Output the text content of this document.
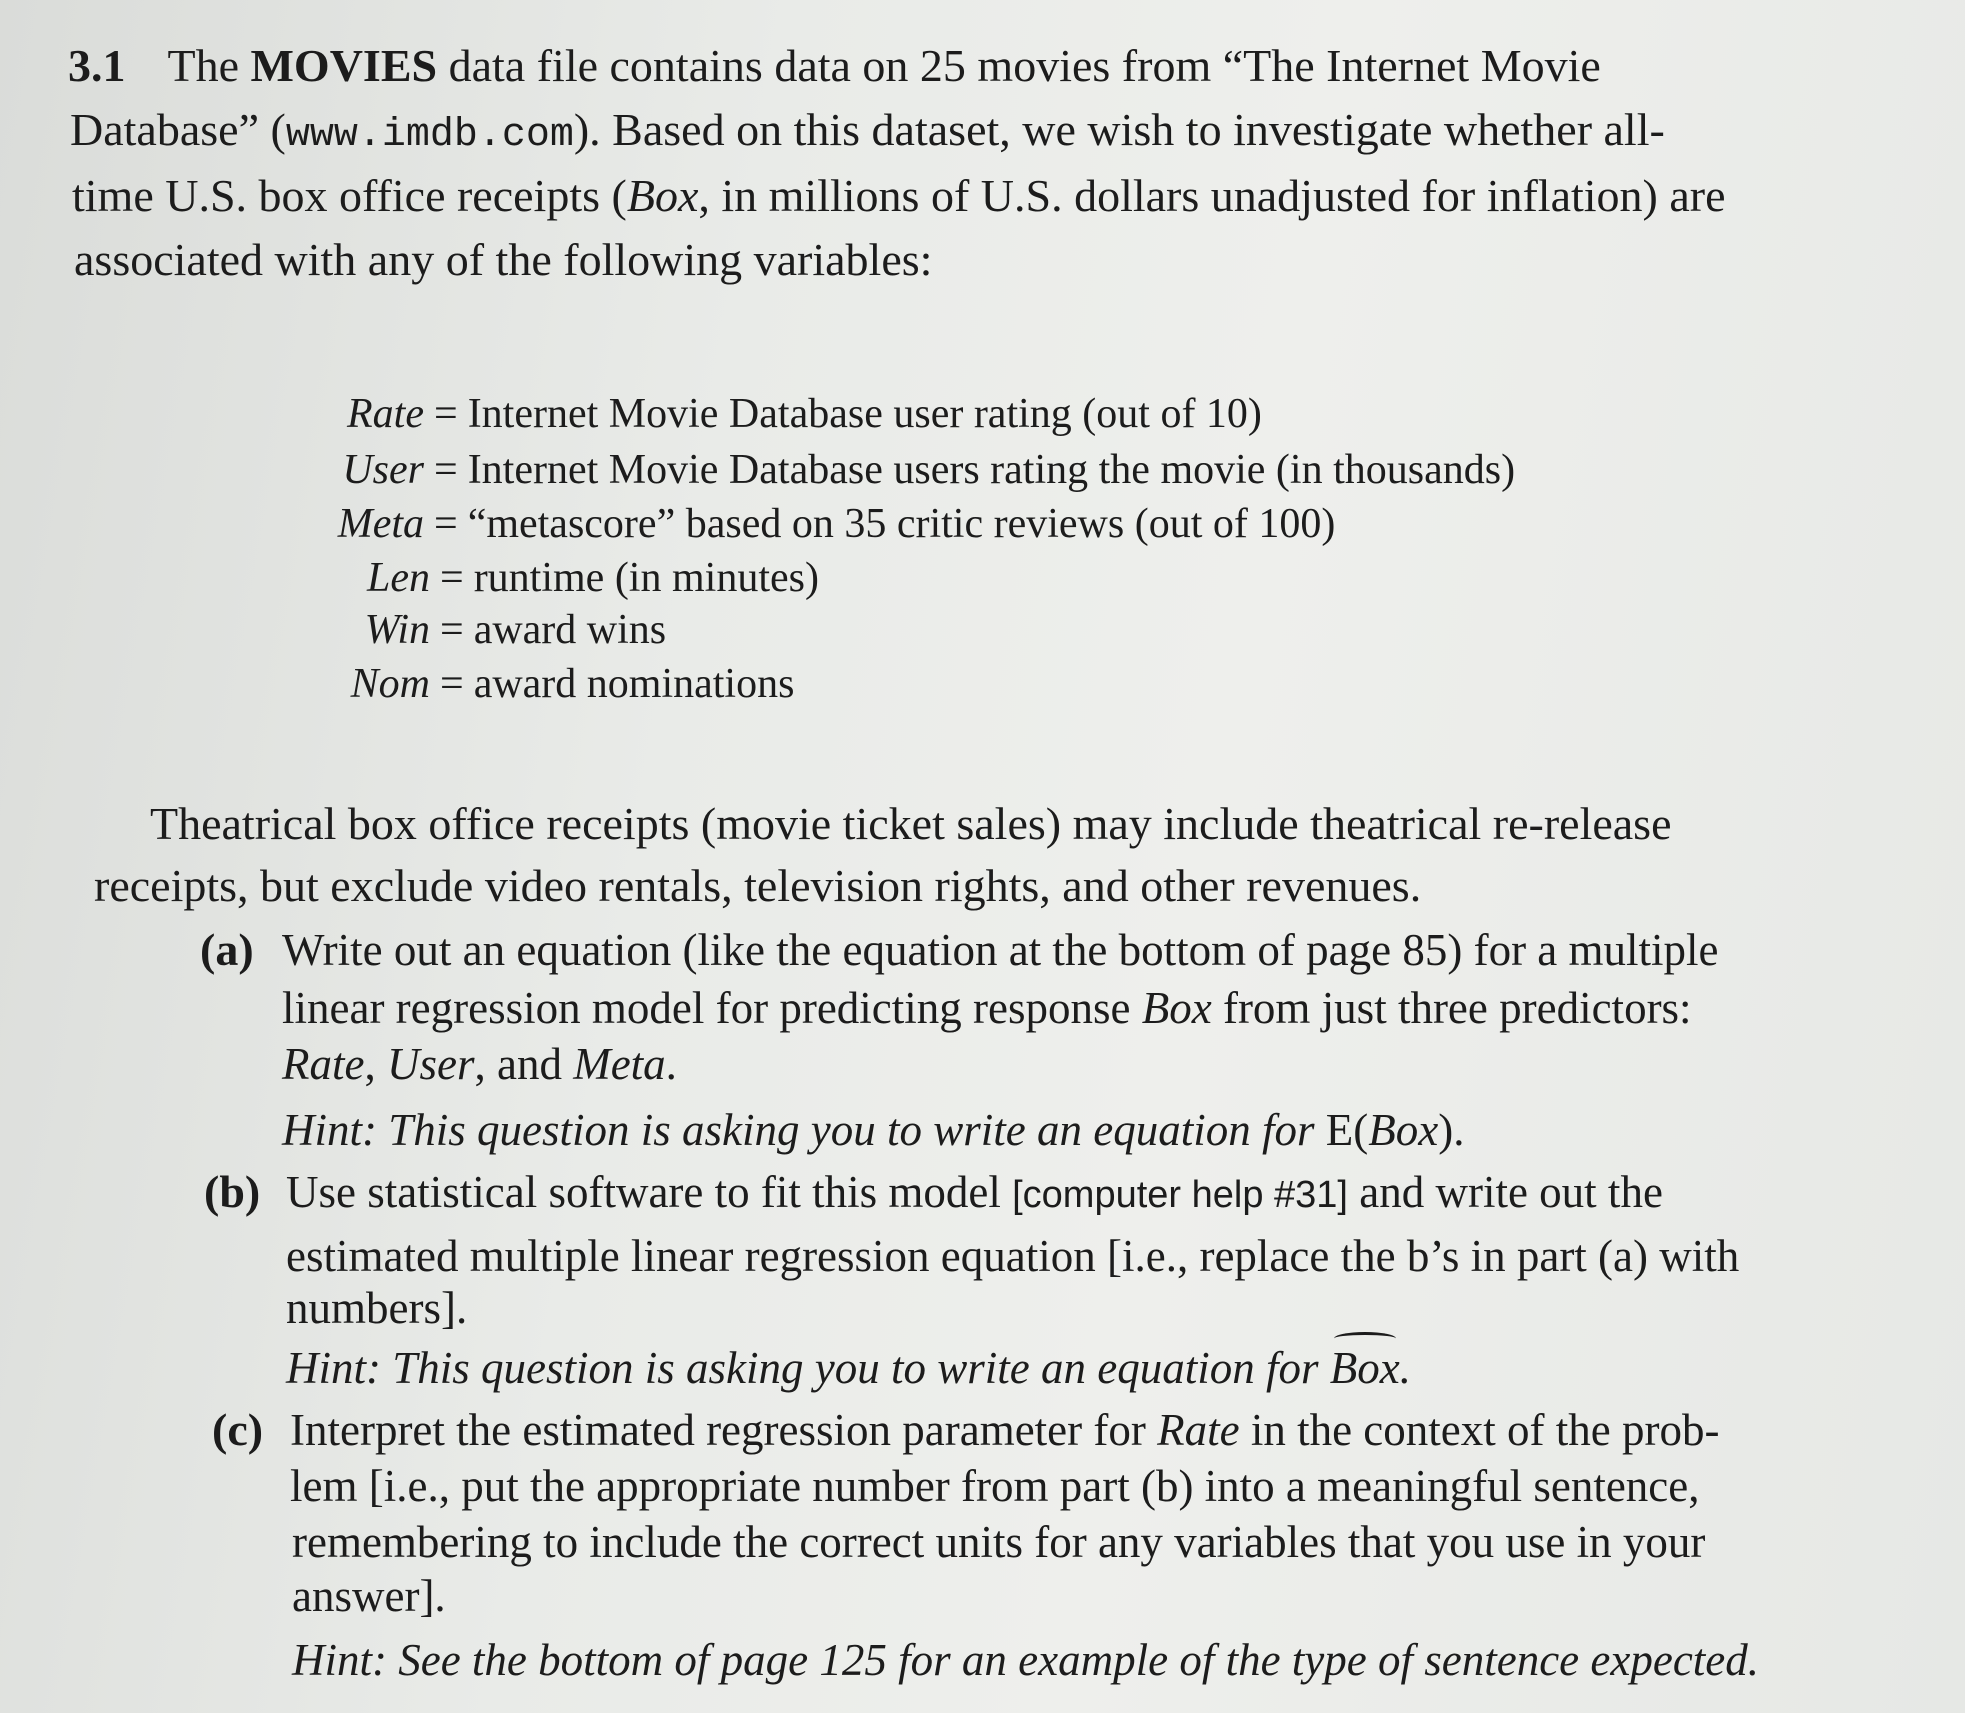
3.1 The MOVIES data file contains data on 25 movies from “The Internet Movie
Database” (www.imdb.com). Based on this dataset, we wish to investigate whether all-
time U.S. box office receipts (Box, in millions of U.S. dollars unadjusted for inflation) are
associated with any of the following variables:
Rate = Internet Movie Database user rating (out of 10)
User = Internet Movie Database users rating the movie (in thousands)
Meta = “metascore” based on 35 critic reviews (out of 100)
Len = runtime (in minutes)
Win = award wins
Nom = award nominations
Theatrical box office receipts (movie ticket sales) may include theatrical re-release
receipts, but exclude video rentals, television rights, and other revenues.
(a) Write out an equation (like the equation at the bottom of page 85) for a multiple
linear regression model for predicting response Box from just three predictors:
Rate, User, and Meta.
Hint: This question is asking you to write an equation for E(Box).
(b) Use statistical software to fit this model [computer help #31] and write out the
estimated multiple linear regression equation [i.e., replace the b’s in part (a) with
numbers].
Hint: This question is asking you to write an equation for Box.
(c) Interpret the estimated regression parameter for Rate in the context of the prob-
lem [i.e., put the appropriate number from part (b) into a meaningful sentence,
remembering to include the correct units for any variables that you use in your
answer].
Hint: See the bottom of page 125 for an example of the type of sentence expected.
